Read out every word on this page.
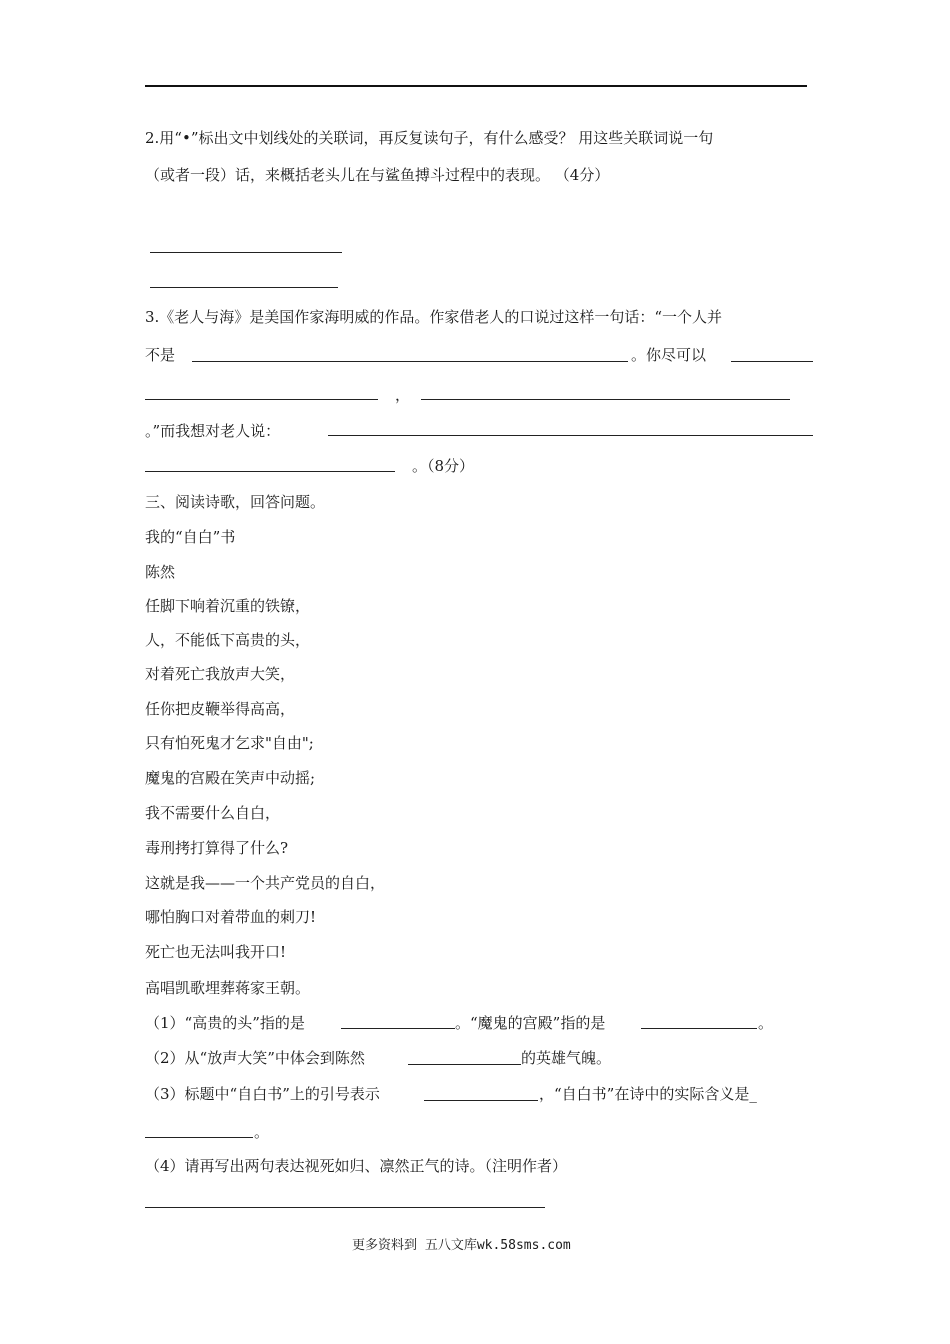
2.用“•”标出文中划线处的关联词，再反复读句子，有什么感受？ 用这些关联词说一句
（或者一段）话，来概括老头儿在与鲨鱼搏斗过程中的表现。 （4分）
3.《老人与海》是美国作家海明威的作品。作家借老人的口说过这样一句话：“一个人并
不是	。你尽可以
，
。”而我想对老人说：
。（8分）
三、阅读诗歌，回答问题。
我的“自白”书
陈然
任脚下响着沉重的铁镣，
人，不能低下高贵的头，
对着死亡我放声大笑，
任你把皮鞭举得高高，
只有怕死鬼才乞求"自由";
魔鬼的宫殿在笑声中动摇;
我不需要什么自白，
毒刑拷打算得了什么?
这就是我——一个共产党员的自白，
哪怕胸口对着带血的刺刀!
死亡也无法叫我开口!
高唱凯歌埋葬蒋家王朝。
（1）“高贵的头”指的是	。“魔鬼的宫殿”指的是	。
（2）从“放声大笑”中体会到陈然	的英雄气魄。
（3）标题中“自白书”上的引号表示	，“自白书”在诗中的实际含义是_
。
（4）请再写出两句表达视死如归、凛然正气的诗。（注明作者）
更多资料到 五八文库wk.58sms.com
